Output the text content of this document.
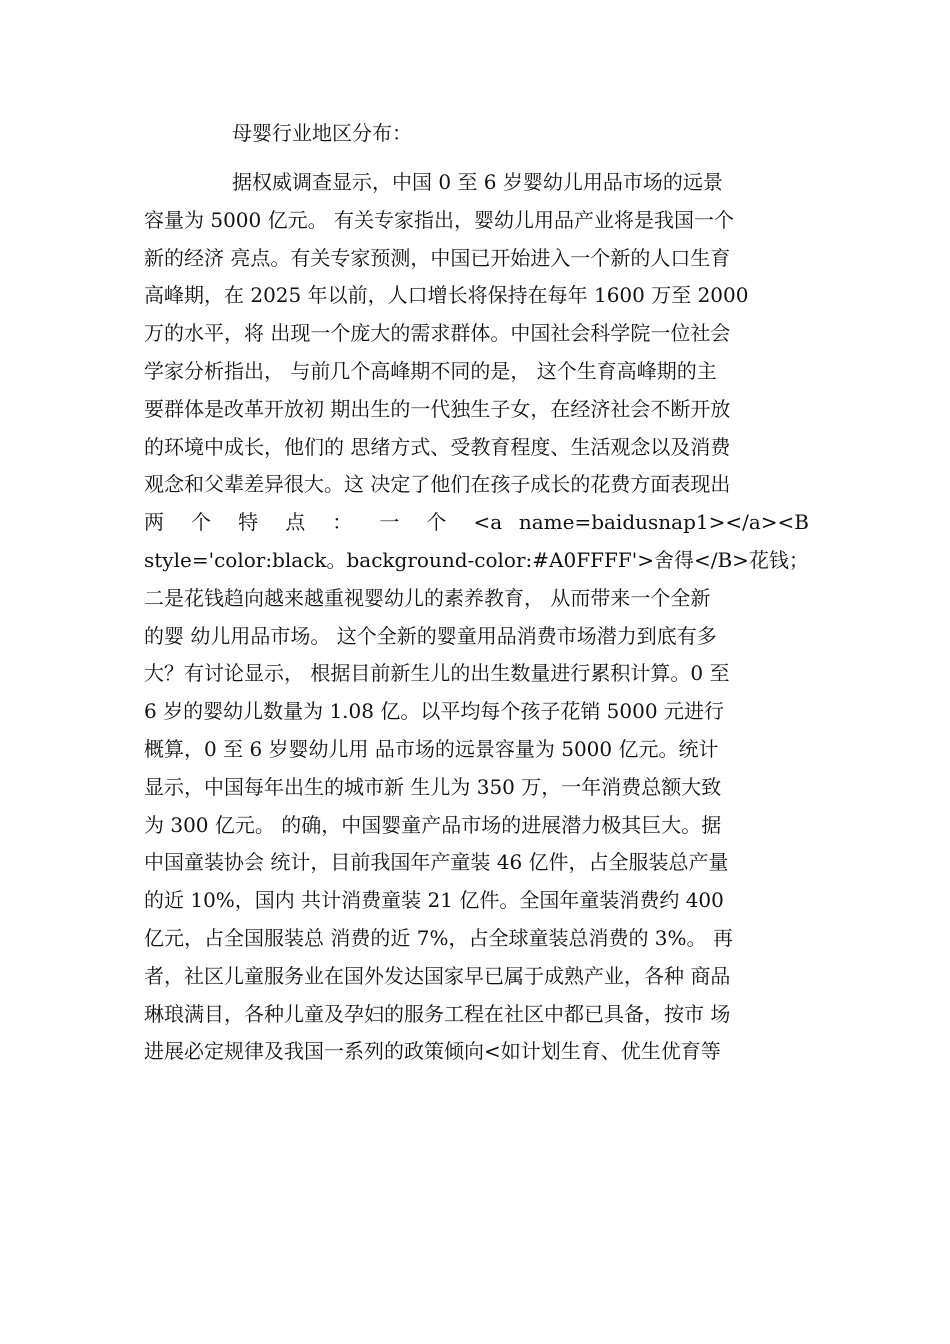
母婴行业地区分布：
据权威调查显示，中国 0 至 6 岁婴幼儿用品市场的远景
容量为 5000 亿元。 有关专家指出，婴幼儿用品产业将是我国一个
新的经济 亮点。有关专家预测，中国已开始进入一个新的人口生育
高峰期，在 2025 年以前，人口增长将保持在每年 1600 万至 2000
万的水平，将 出现一个庞大的需求群体。中国社会科学院一位社会
学家分析指出， 与前几个高峰期不同的是， 这个生育高峰期的主
要群体是改革开放初 期出生的一代独生子女，在经济社会不断开放
的环境中成长，他们的 思绪方式、受教育程度、生活观念以及消费
观念和父辈差异很大。这 决定了他们在孩子成长的花费方面表现出
两 个 特 点 ： 一 个 <a name=baidusnap1></a><B
style='color:black。background-color:#A0FFFF'>舍得</B>花钱；
二是花钱趋向越来越重视婴幼儿的素养教育， 从而带来一个全新
的婴 幼儿用品市场。 这个全新的婴童用品消费市场潜力到底有多
大？有讨论显示， 根据目前新生儿的出生数量进行累积计算。0 至
6 岁的婴幼儿数量为 1.08 亿。以平均每个孩子花销 5000 元进行
概算，0 至 6 岁婴幼儿用 品市场的远景容量为 5000 亿元。统计
显示，中国每年出生的城市新 生儿为 350 万，一年消费总额大致
为 300 亿元。 的确，中国婴童产品市场的进展潜力极其巨大。据
中国童装协会 统计，目前我国年产童装 46 亿件，占全服装总产量
的近 10%，国内 共计消费童装 21 亿件。全国年童装消费约 400
亿元，占全国服装总 消费的近 7%，占全球童装总消费的 3%。 再
者，社区儿童服务业在国外发达国家早已属于成熟产业，各种 商品
琳琅满目，各种儿童及孕妇的服务工程在社区中都已具备，按市 场
进展必定规律及我国一系列的政策倾向<如计划生育、优生优育等
